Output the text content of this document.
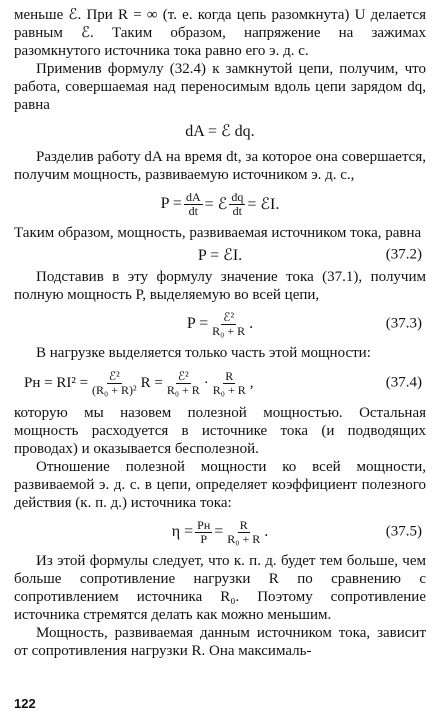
меньше ℰ. При R = ∞ (т. е. когда цепь разомкнута) U делается равным ℰ. Таким образом, напряжение на зажимах разомкнутого источника тока равно его э. д. с.

Применив формулу (32.4) к замкнутой цепи, получим, что работа, совершаемая над переносимым вдоль цепи зарядом dq, равна

dA = ℰ dq.

Разделив работу dA на время dt, за которое она совершается, получим мощность, развиваемую источником э. д. с.,

$P = \frac{dA}{dt}$ = ℰ $\frac{dq}{dt}$ = ℰI.

Таким образом, мощность, развиваемая источником тока, равна

P = ℰI.	(37.2)

Подставив в эту формулу значение тока (37.1), получим полную мощность P, выделяемую во всей цепи,

$P = \frac{\text{ℰ²}}{\text{R₀ + R}}$ .	(37.3)

В нагрузке выделяется только часть этой мощности:

Pн = $RI^2 = \frac{\text{ℰ²}}{\text{(R₀ + R)²}}$ $R = \frac{\text{ℰ²}}{\text{R₀ + R}} \cdot \frac{R}{\text{R₀ + R}}$ ,	(37.4)

которую мы назовем полезной мощностью. Остальная мощность расходуется в источнике тока (и подводящих проводах) и оказывается бесполезной.

Отношение полезной мощности ко всей мощности, развиваемой э. д. с. в цепи, определяет коэффициент полезного действия (к. п. д.) источника тока:

$\eta = \frac{Pн}{P} = \frac{R}{\text{R₀ + R}}$ .	(37.5)

Из этой формулы следует, что к. п. д. будет тем больше, чем больше сопротивление нагрузки R по сравнению с сопротивлением источника R₀. Поэтому сопротивление источника стремятся делать как можно меньшим.

Мощность, развиваемая данным источником тока, зависит от сопротивления нагрузки R. Она максималь-

122
